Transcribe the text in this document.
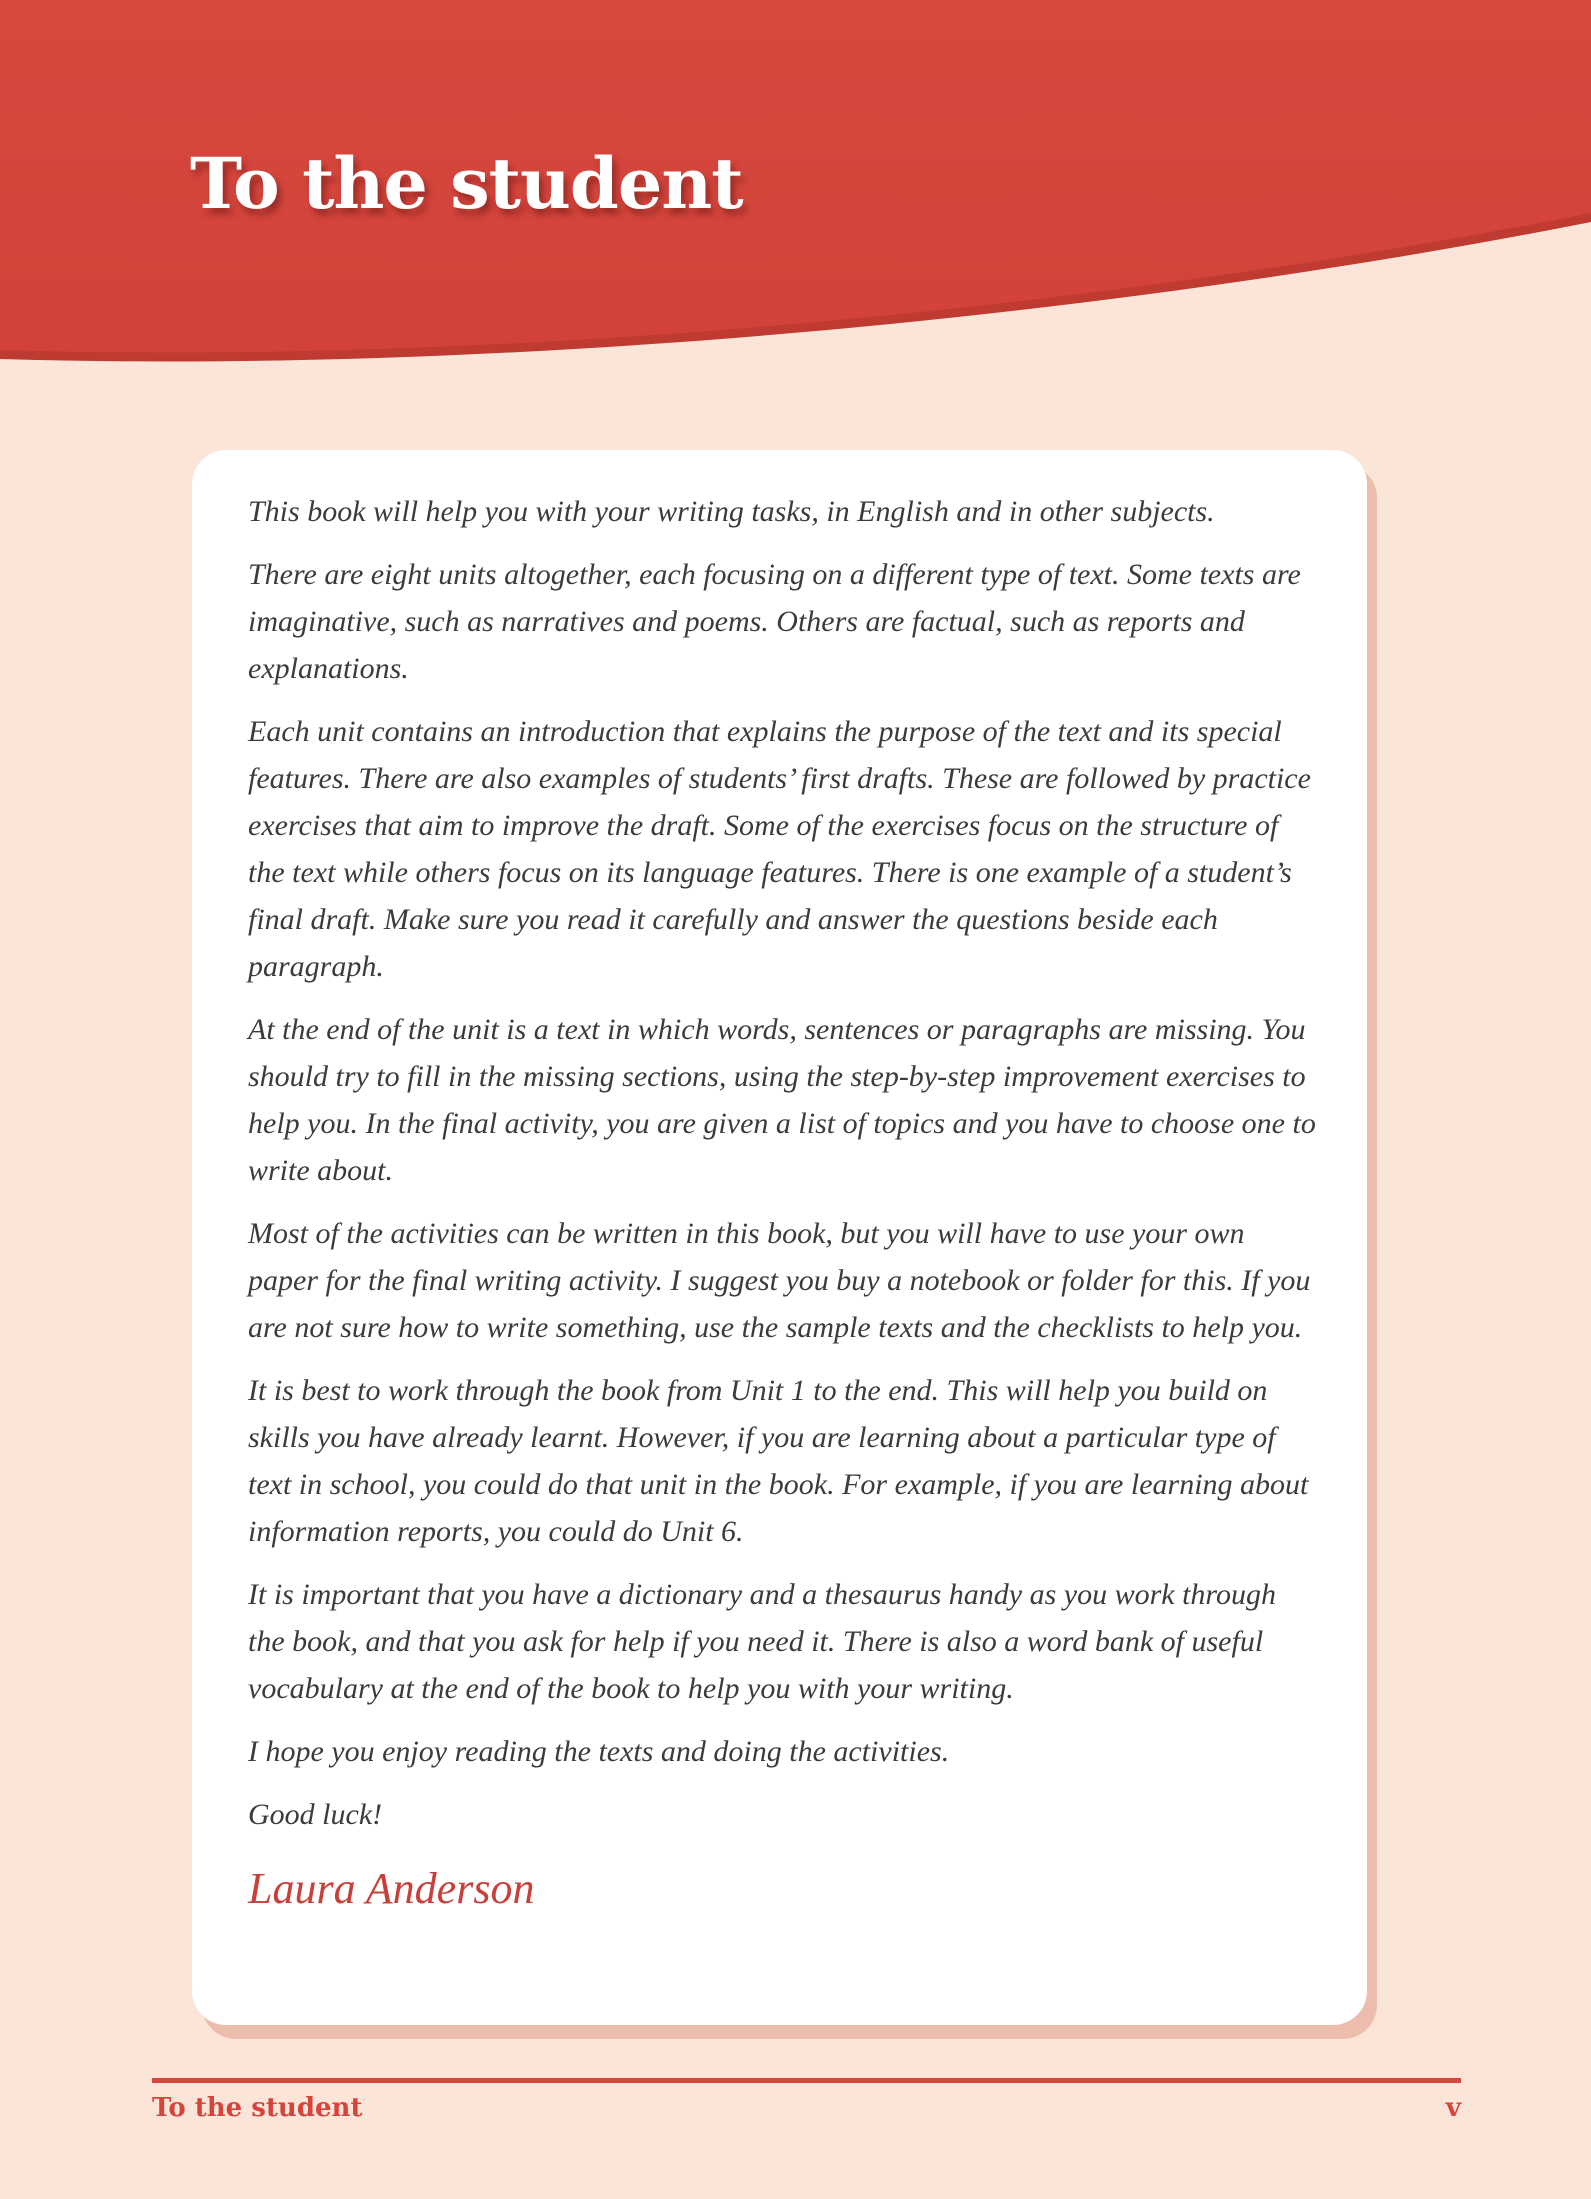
To the student

This book will help you with your writing tasks, in English and in other subjects.

There are eight units altogether, each focusing on a different type of text. Some texts are imaginative, such as narratives and poems. Others are factual, such as reports and explanations.

Each unit contains an introduction that explains the purpose of the text and its special features. There are also examples of students’ first drafts. These are followed by practice exercises that aim to improve the draft. Some of the exercises focus on the structure of the text while others focus on its language features. There is one example of a student’s final draft. Make sure you read it carefully and answer the questions beside each paragraph.

At the end of the unit is a text in which words, sentences or paragraphs are missing. You should try to fill in the missing sections, using the step-by-step improvement exercises to help you. In the final activity, you are given a list of topics and you have to choose one to write about.

Most of the activities can be written in this book, but you will have to use your own paper for the final writing activity. I suggest you buy a notebook or folder for this. If you are not sure how to write something, use the sample texts and the checklists to help you.

It is best to work through the book from Unit 1 to the end. This will help you build on skills you have already learnt. However, if you are learning about a particular type of text in school, you could do that unit in the book. For example, if you are learning about information reports, you could do Unit 6.

It is important that you have a dictionary and a thesaurus handy as you work through the book, and that you ask for help if you need it. There is also a word bank of useful vocabulary at the end of the book to help you with your writing.

I hope you enjoy reading the texts and doing the activities.

Good luck!

Laura Anderson
To the student	v
